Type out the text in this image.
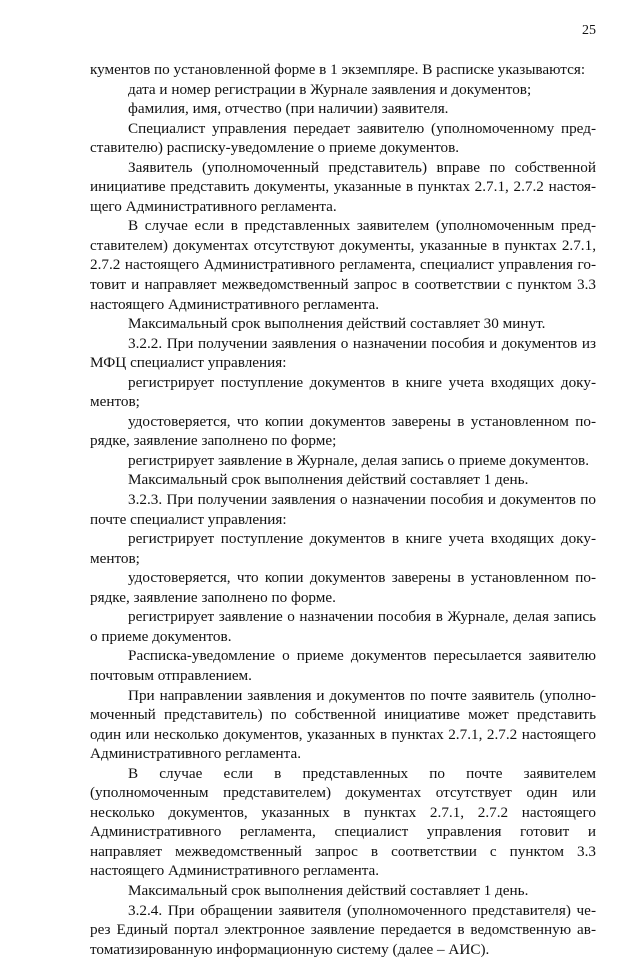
25

кументов по установленной форме в 1 экземпляре. В расписке указываются:

дата и номер регистрации в Журнале заявления и документов;

фамилия, имя, отчество (при наличии) заявителя.

Специалист управления передает заявителю (уполномоченному представителю) расписку-уведомление о приеме документов.

Заявитель (уполномоченный представитель) вправе по собственной инициативе представить документы, указанные в пунктах 2.7.1, 2.7.2 настоящего Административного регламента.

В случае если в представленных заявителем (уполномоченным представителем) документах отсутствуют документы, указанные в пунктах 2.7.1, 2.7.2 настоящего Административного регламента, специалист управления готовит и направляет межведомственный запрос в соответствии с пунктом 3.3 настоящего Административного регламента.

Максимальный срок выполнения действий составляет 30 минут.

3.2.2. При получении заявления о назначении пособия и документов из МФЦ специалист управления:

регистрирует поступление документов в книге учета входящих документов;

удостоверяется, что копии документов заверены в установленном порядке, заявление заполнено по форме;

регистрирует заявление в Журнале, делая запись о приеме документов.

Максимальный срок выполнения действий составляет 1 день.

3.2.3. При получении заявления о назначении пособия и документов по почте специалист управления:

регистрирует поступление документов в книге учета входящих документов;

удостоверяется, что копии документов заверены в установленном порядке, заявление заполнено по форме.

регистрирует заявление о назначении пособия в Журнале, делая запись о приеме документов.

Расписка-уведомление о приеме документов пересылается заявителю почтовым отправлением.

При направлении заявления и документов по почте заявитель (уполномоченный представитель) по собственной инициативе может представить один или несколько документов, указанных в пунктах 2.7.1, 2.7.2 настоящего Административного регламента.

В случае если в представленных по почте заявителем (уполномоченным представителем) документах отсутствует один или несколько документов, указанных в пунктах 2.7.1, 2.7.2 настоящего Административного регламента, специалист управления готовит и направляет межведомственный запрос в соответствии с пунктом 3.3 настоящего Административного регламента.

Максимальный срок выполнения действий составляет 1 день.

3.2.4. При обращении заявителя (уполномоченного представителя) через Единый портал электронное заявление передается в ведомственную автоматизированную информационную систему (далее – АИС).
